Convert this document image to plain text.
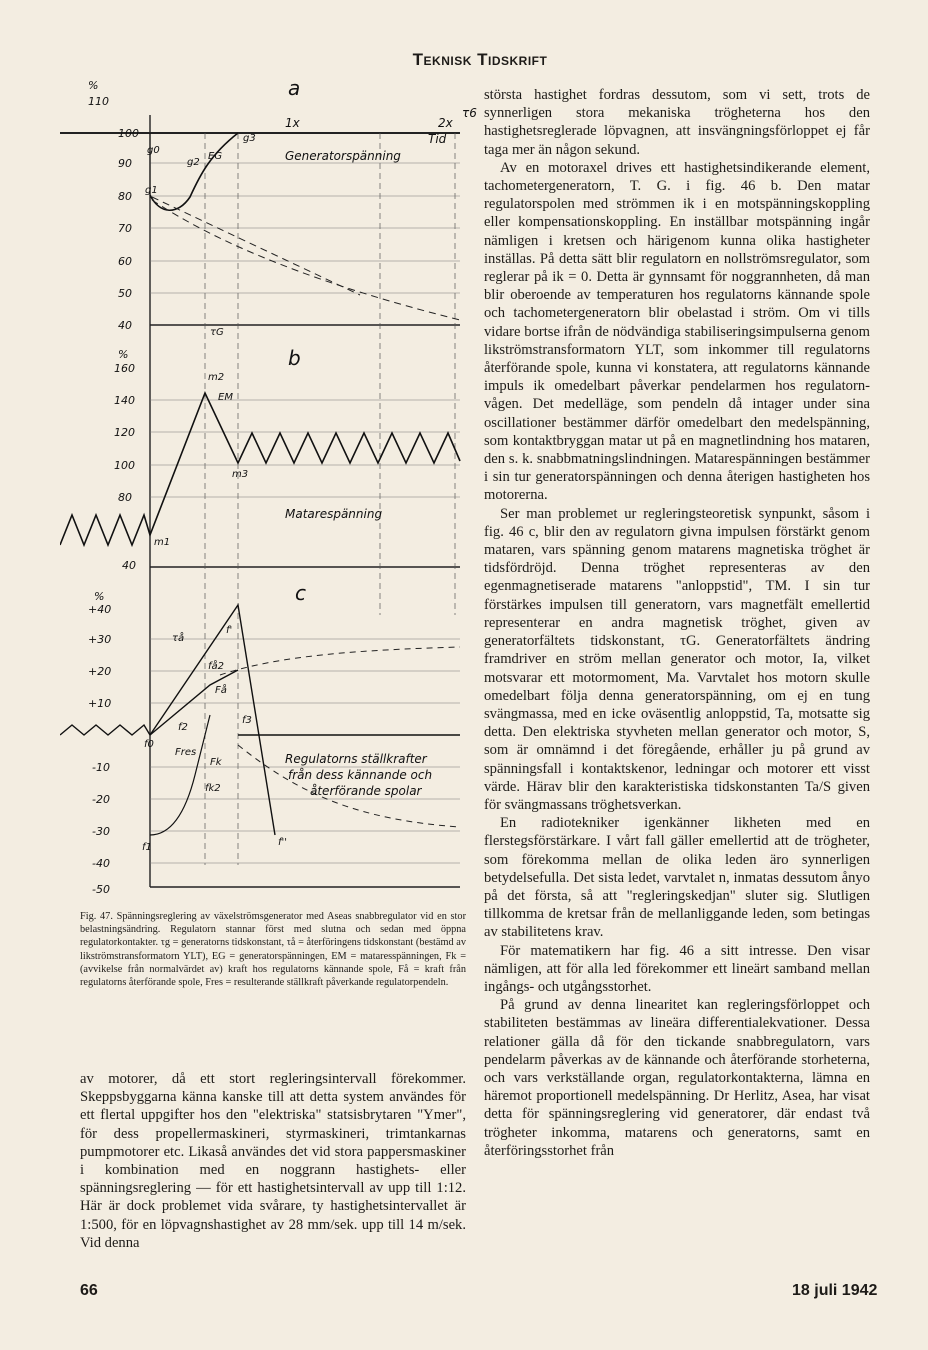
Teknisk Tidskrift
%
110
100
90
80
70
60
50
40
%
160
140
120
100
80
40
%
+40
+30
+20
+10
-10
-20
-30
-40
-50
a
b
c
1x	2x
τ6
Tid
Generatorspänning
Matarespänning
Regulatorns ställkrafter
från dess kännande och
återförande spolar
g0
g1
g2
g3
EG
τG
m1
m2
m3
EM
τå
f0
f1
f2
f3
f'
f''
få2
Få
Fres
Fk
fk2

Fig. 47. Spänningsreglering av växelströmsgenerator med Aseas snabbregulator vid en stor belastningsändring. Regulatorn stannar först med slutna och sedan med öppna regulatorkontakter. τg = generatorns tidskonstant, τå = återföringens tidskonstant (bestämd av likströmstransformatorn YLT), EG = generatorspänningen, EM = mataresspänningen, Fk = (avvikelse från normalvärdet av) kraft hos regulatorns kännande spole, Få = kraft från regulatorns återförande spole, Fres = resulterande ställkraft påverkande regulatorpendeln.

största hastighet fordras dessutom, som vi sett, trots de synnerligen stora mekaniska trögheterna hos den hastighetsreglerade löpvagnen, att insvängningsförloppet ej får taga mer än någon sekund.

Av en motoraxel drives ett hastighetsindikerande element, tachometergeneratorn, T. G. i fig. 46 b. Den matar regulatorspolen med strömmen ik i en motspänningskoppling eller kompensationskoppling. En inställbar motspänning ingår nämligen i kretsen och härigenom kunna olika hastigheter inställas. På detta sätt blir regulatorn en nollströmsregulator, som reglerar på ik = 0. Detta är gynnsamt för noggrannheten, då man blir oberoende av temperaturen hos regulatorns kännande spole och tachometergeneratorn blir obelastad i ström. Om vi tills vidare bortse ifrån de nödvändiga stabiliseringsimpulserna genom likströmstransformatorn YLT, som inkommer till regulatorns återförande spole, kunna vi konstatera, att regulatorns kännande impuls ik omedelbart påverkar pendelarmen hos regulatorn-vågen. Det medelläge, som pendeln då intager under sina oscillationer bestämmer därför omedelbart den medelspänning, som kontaktbryggan matar ut på en magnetlindning hos mataren, den s. k. snabbmatningslindningen. Matarespänningen bestämmer i sin tur generatorspänningen och denna återigen hastigheten hos motorerna.

Ser man problemet ur regleringsteoretisk synpunkt, såsom i fig. 46 c, blir den av regulatorn givna impulsen förstärkt genom mataren, vars spänning genom matarens magnetiska tröghet är tidsfördröjd. Denna tröghet representeras av den egenmagnetiserade matarens "anloppstid", TM. I sin tur förstärkes impulsen till generatorn, vars magnetfält emellertid representerar en andra magnetisk tröghet, given av generatorfältets tidskonstant, τG. Generatorfältets ändring framdriver en ström mellan generator och motor, Ia, vilket motsvarar ett motormoment, Ma. Varvtalet hos motorn skulle omedelbart följa denna generatorspänning, om ej en tung svängmassa, med en icke oväsentlig anloppstid, Ta, motsatte sig detta. Den elektriska styvheten mellan generator och motor, S, som är omnämnd i det föregående, erhåller ju på grund av spänningsfall i kontaktskenor, ledningar och motorer ett visst värde. Härav blir den karakteristiska tidskonstanten Ta/S given för svängmassans tröghetsverkan.

En radiotekniker igenkänner likheten med en flerstegsförstärkare. I vårt fall gäller emellertid att de trögheter, som förekomma mellan de olika leden äro synnerligen betydelsefulla. Det sista ledet, varvtalet n, inmatas dessutom ånyo på det första, så att "regleringskedjan" sluter sig. Slutligen tillkomma de kretsar från de mellanliggande leden, som betingas av stabilitetens krav.

För matematikern har fig. 46 a sitt intresse. Den visar nämligen, att för alla led förekommer ett lineärt samband mellan ingångs- och utgångsstorhet.

På grund av denna linearitet kan regleringsförloppet och stabiliteten bestämmas av lineära differentialekvationer. Dessa relationer gälla då för den tickande snabbregulatorn, vars pendelarm påverkas av de kännande och återförande storheterna, och vars verkställande organ, regulatorkontakterna, lämna en häremot proportionell medelspänning. Dr Herlitz, Asea, har visat detta för spänningsreglering vid generatorer, där endast två trögheter inkomma, matarens och generatorns, samt en återföringsstorhet från

av motorer, då ett stort regleringsintervall förekommer. Skeppsbyggarna känna kanske till att detta system användes för ett flertal uppgifter hos den "elektriska" statsisbrytaren "Ymer", för dess propellermaskineri, styrmaskineri, trimtankarnas pumpmotorer etc. Likaså användes det vid stora pappersmaskiner i kombination med en noggrann hastighets- eller spänningsreglering — för ett hastighetsintervall av upp till 1:12. Här är dock problemet vida svårare, ty hastighetsintervallet är 1:500, för en löpvagnshastighet av 28 mm/sek. upp till 14 m/sek. Vid denna

66	18 juli 1942
